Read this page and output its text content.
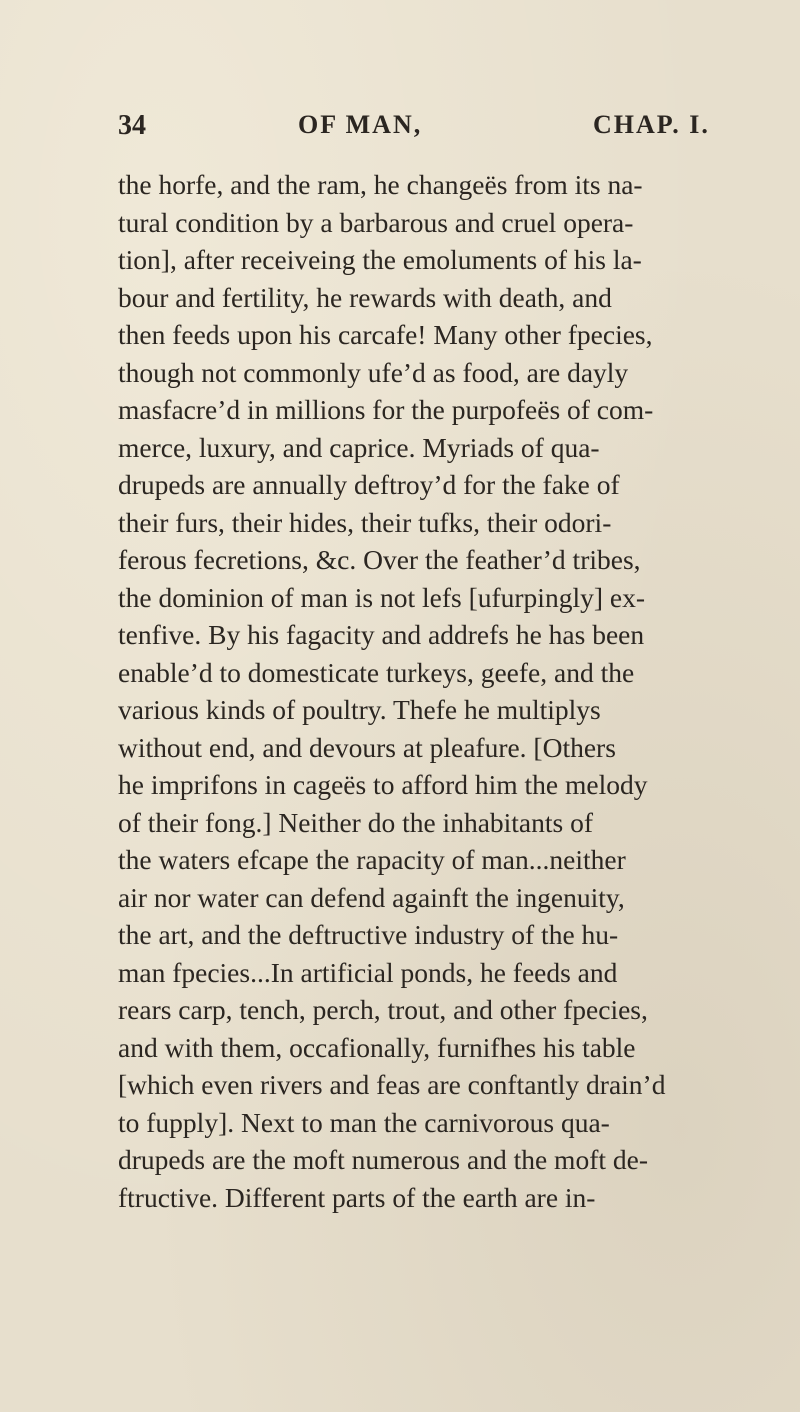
34	OF MAN,	CHAP. I.
the horfe, and the ram, he changeës from its na-
tural condition by a barbarous and cruel opera-
tion], after receiveing the emoluments of his la-
bour and fertility, he rewards with death, and
then feeds upon his carcafe! Many other fpecies,
though not commonly ufe’d as food, are dayly
masfacre’d in millions for the purpofeës of com-
merce, luxury, and caprice. Myriads of qua-
drupeds are annually deftroy’d for the fake of
their furs, their hides, their tufks, their odori-
ferous fecretions, &c. Over the feather’d tribes,
the dominion of man is not lefs [ufurpingly] ex-
tenfive. By his fagacity and addrefs he has been
enable’d to domesticate turkeys, geefe, and the
various kinds of poultry. Thefe he multiplys
without end, and devours at pleafure. [Others
he imprifons in cageës to afford him the melody
of their fong.] Neither do the inhabitants of
the waters efcape the rapacity of man...neither
air nor water can defend againft the ingenuity,
the art, and the deftructive industry of the hu-
man fpecies...In artificial ponds, he feeds and
rears carp, tench, perch, trout, and other fpecies,
and with them, occafionally, furnifhes his table
[which even rivers and feas are conftantly drain’d
to fupply]. Next to man the carnivorous qua-
drupeds are the moft numerous and the moft de-
ftructive. Different parts of the earth are in-
